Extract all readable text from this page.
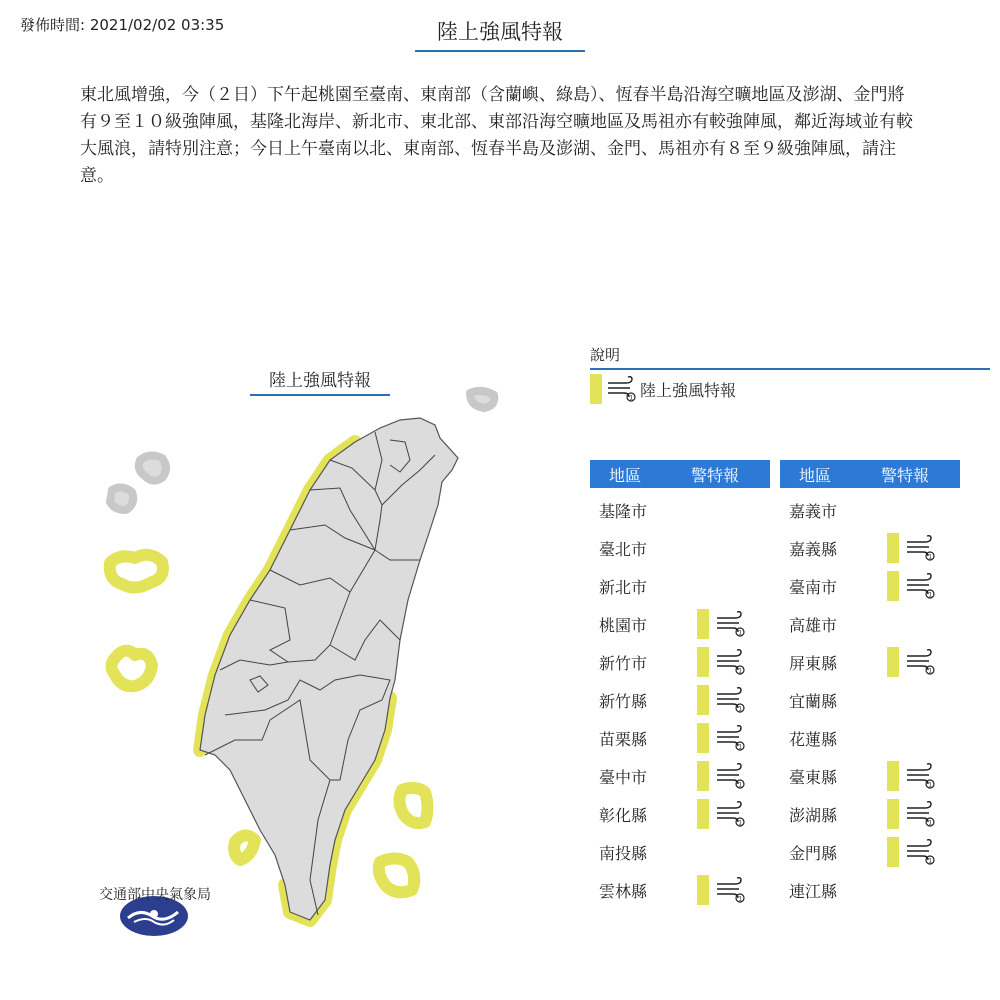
發佈時間: 2021/02/02 03:35	陸上強風特報
東北風增強，今（２日）下午起桃園至臺南、東南部（含蘭嶼、綠島）、恆春半島沿海空曠地區及澎湖、金門將有９至１０級強陣風，基隆北海岸、新北市、東北部、東部沿海空曠地區及馬祖亦有較強陣風，鄰近海域並有較大風浪，請特別注意；今日上午臺南以北、東南部、恆春半島及澎湖、金門、馬祖亦有８至９級強陣風，請注意。
陸上強風特報
交通部中央氣象局
說明
1 陸上強風特報
地區	警特報
基隆市
臺北市
新北市
桃園市	1
新竹市	1
新竹縣	1
苗栗縣	1
臺中市	1
彰化縣	1
南投縣
雲林縣	1
地區	警特報
嘉義市
嘉義縣	1
臺南市	1
高雄市
屏東縣	1
宜蘭縣
花蓮縣
臺東縣	1
澎湖縣	1
金門縣	1
連江縣
